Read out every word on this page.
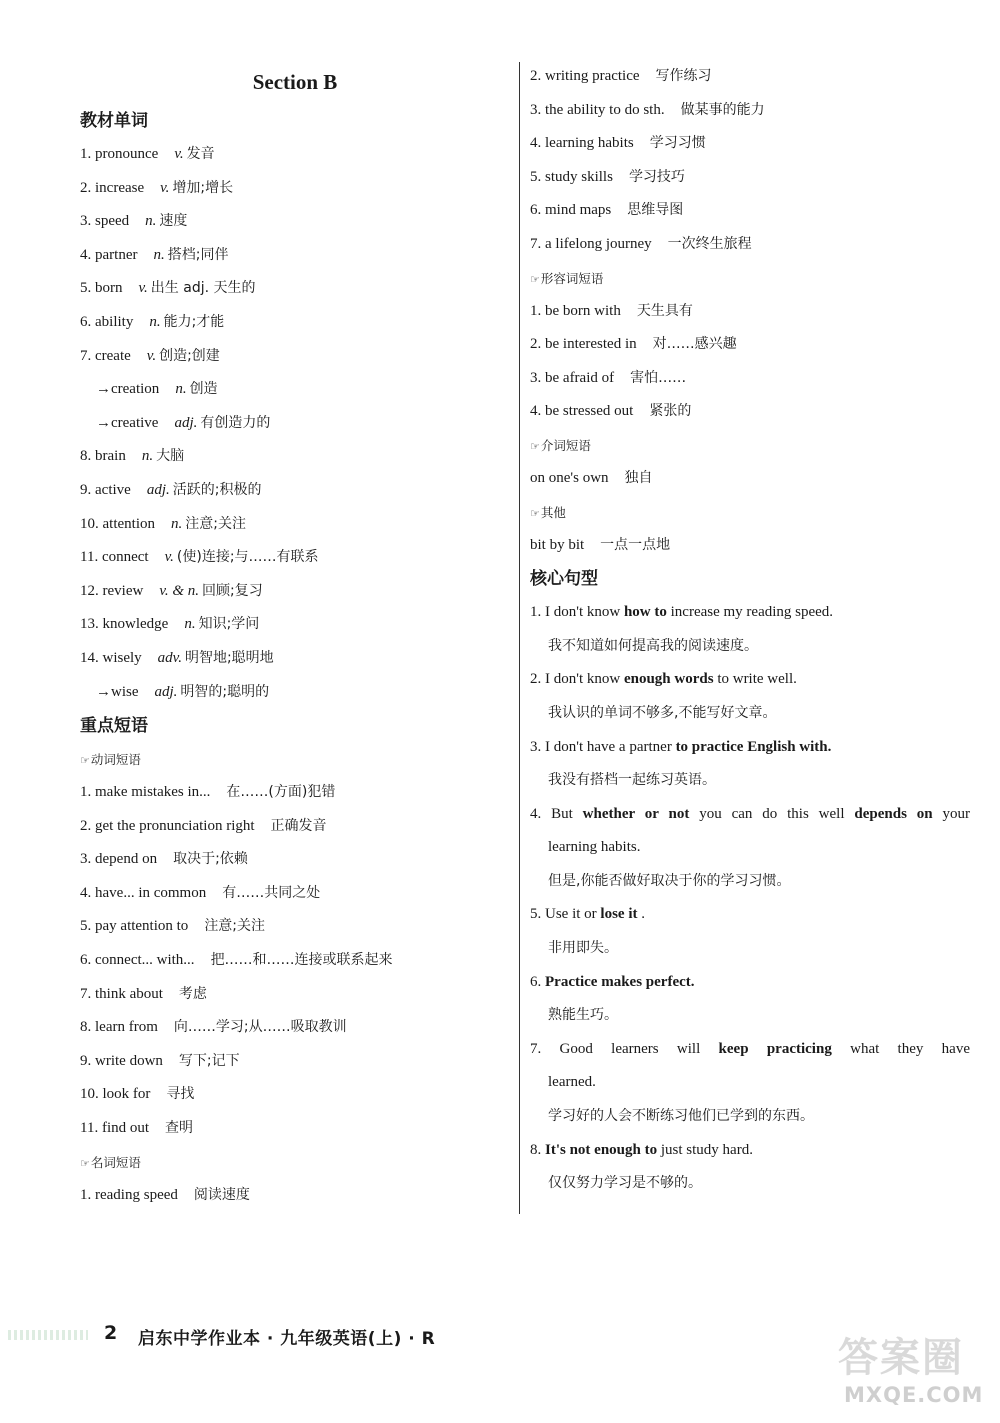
Section B
教材单词
1. pronounce v. 发音
2. increase v. 增加;增长
3. speed n. 速度
4. partner n. 搭档;同伴
5. born v. 出生 adj. 天生的
6. ability n. 能力;才能
7. create v. 创造;创建
→creation n. 创造
→creative adj. 有创造力的
8. brain n. 大脑
9. active adj. 活跃的;积极的
10. attention n. 注意;关注
11. connect v. (使)连接;与……有联系
12. review v. & n. 回顾;复习
13. knowledge n. 知识;学问
14. wisely adv. 明智地;聪明地
→wise adj. 明智的;聪明的
重点短语
☞动词短语
1. make mistakes in... 在……(方面)犯错
2. get the pronunciation right 正确发音
3. depend on 取决于;依赖
4. have... in common 有……共同之处
5. pay attention to 注意;关注
6. connect... with... 把……和……连接或联系起来
7. think about 考虑
8. learn from 向……学习;从……吸取教训
9. write down 写下;记下
10. look for 寻找
11. find out 查明
☞名词短语
1. reading speed 阅读速度
2. writing practice 写作练习
3. the ability to do sth. 做某事的能力
4. learning habits 学习习惯
5. study skills 学习技巧
6. mind maps 思维导图
7. a lifelong journey 一次终生旅程
☞形容词短语
1. be born with 天生具有
2. be interested in 对……感兴趣
3. be afraid of 害怕……
4. be stressed out 紧张的
☞介词短语
on one's own 独自
☞其他
bit by bit 一点一点地
核心句型
1. I don't know how to increase my reading speed.
我不知道如何提高我的阅读速度。
2. I don't know enough words to write well.
我认识的单词不够多,不能写好文章。
3. I don't have a partner to practice English with.
我没有搭档一起练习英语。
4. But whether or not you can do this well depends on your
learning habits.
但是,你能否做好取决于你的学习习惯。
5. Use it or lose it .
非用即失。
6. Practice makes perfect.
熟能生巧。
7. Good learners will keep practicing what they have
learned.
学习好的人会不断练习他们已学到的东西。
8. It's not enough to just study hard.
仅仅努力学习是不够的。
2 启东中学作业本 · 九年级英语(上) · R	答案圈
MXQE.COM
